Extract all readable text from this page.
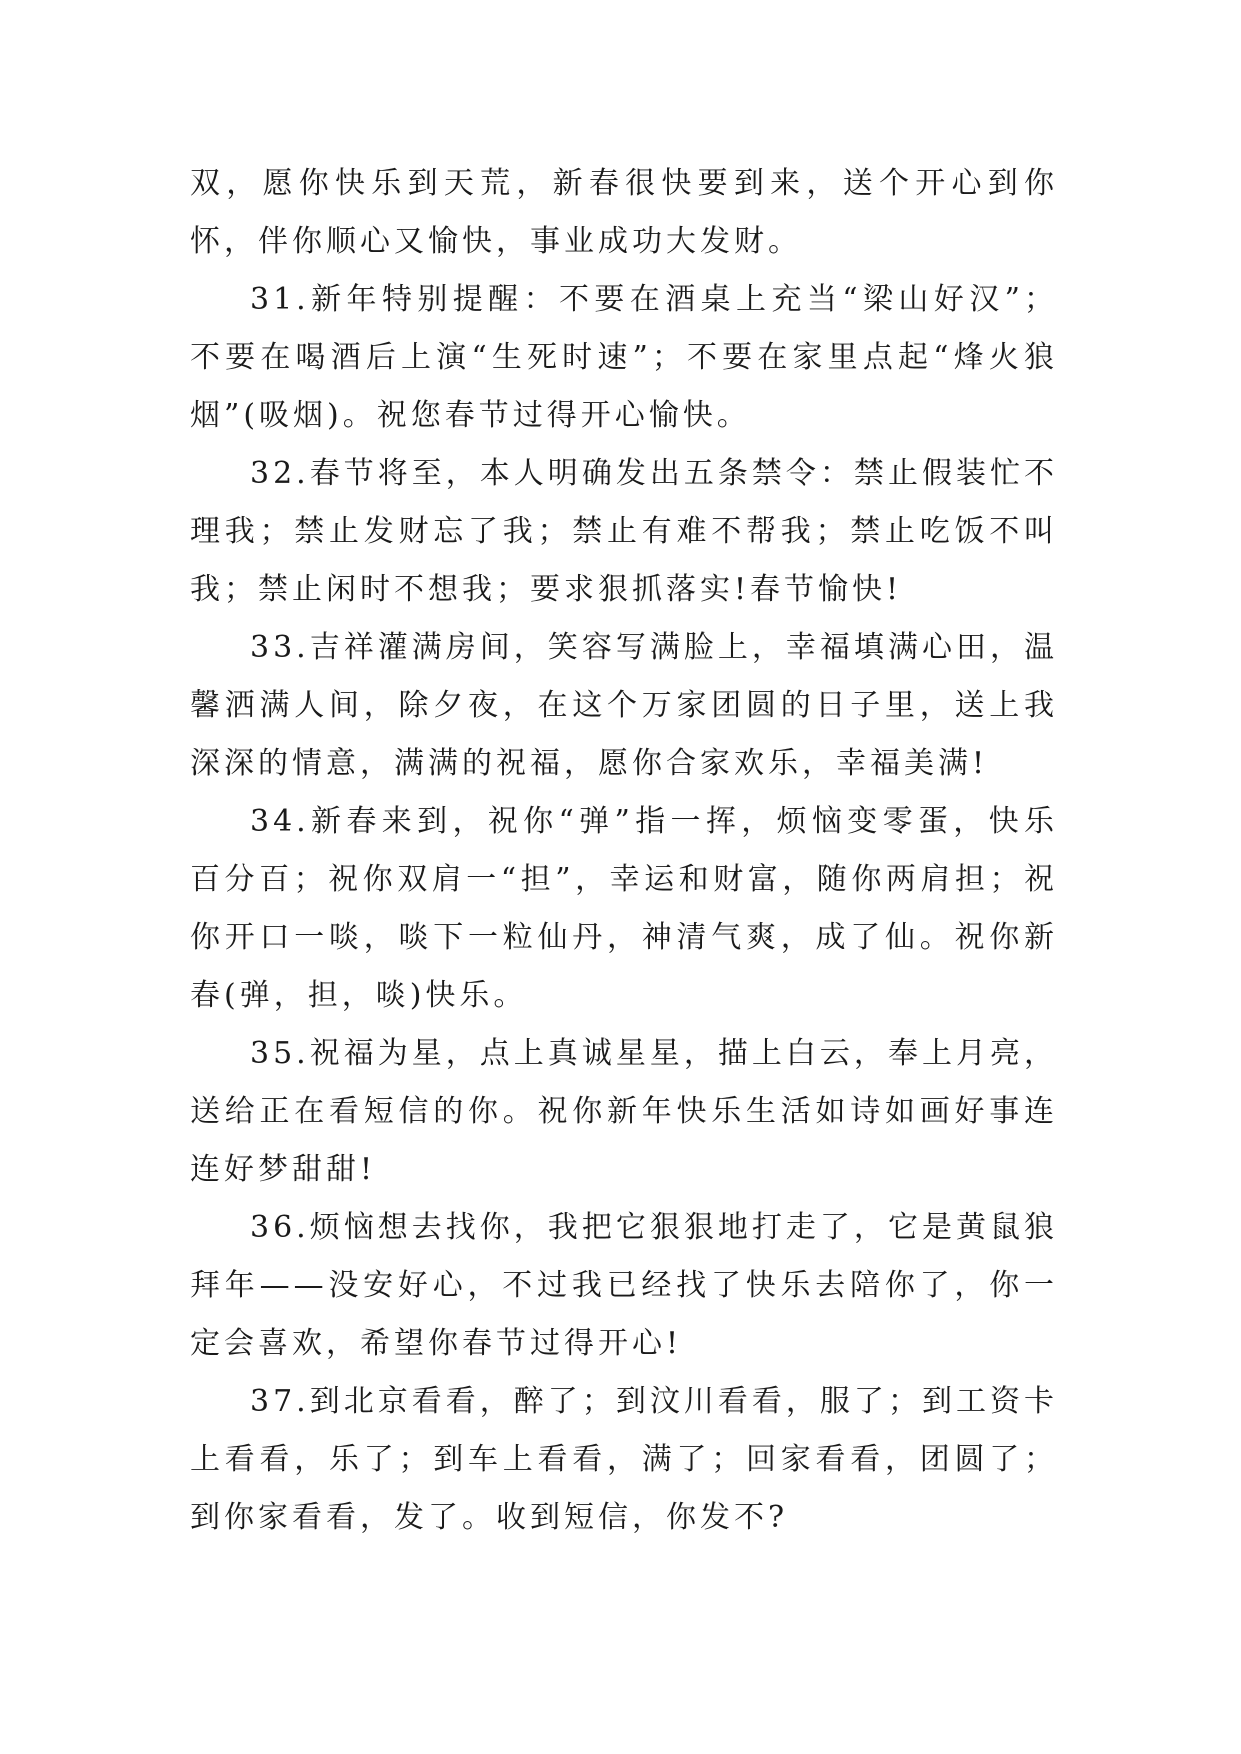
双，愿你快乐到天荒，新春很快要到来，送个开心到你怀，伴你顺心又愉快，事业成功大发财。

31.新年特别提醒：不要在酒桌上充当“梁山好汉”；不要在喝酒后上演“生死时速”；不要在家里点起“烽火狼烟”(吸烟)。祝您春节过得开心愉快。

32.春节将至，本人明确发出五条禁令：禁止假装忙不理我；禁止发财忘了我；禁止有难不帮我；禁止吃饭不叫我；禁止闲时不想我；要求狠抓落实!春节愉快!

33.吉祥灌满房间，笑容写满脸上，幸福填满心田，温馨洒满人间，除夕夜，在这个万家团圆的日子里，送上我深深的情意，满满的祝福，愿你合家欢乐，幸福美满!

34.新春来到，祝你“弹”指一挥，烦恼变零蛋，快乐百分百；祝你双肩一“担”，幸运和财富，随你两肩担；祝你开口一啖，啖下一粒仙丹，神清气爽，成了仙。祝你新春(弹，担，啖)快乐。

35.祝福为星，点上真诚星星，描上白云，奉上月亮，送给正在看短信的你。祝你新年快乐生活如诗如画好事连连好梦甜甜!

36.烦恼想去找你，我把它狠狠地打走了，它是黄鼠狼拜年——没安好心，不过我已经找了快乐去陪你了，你一定会喜欢，希望你春节过得开心!

37.到北京看看，醉了；到汶川看看，服了；到工资卡上看看，乐了；到车上看看，满了；回家看看，团圆了；到你家看看，发了。收到短信，你发不?
